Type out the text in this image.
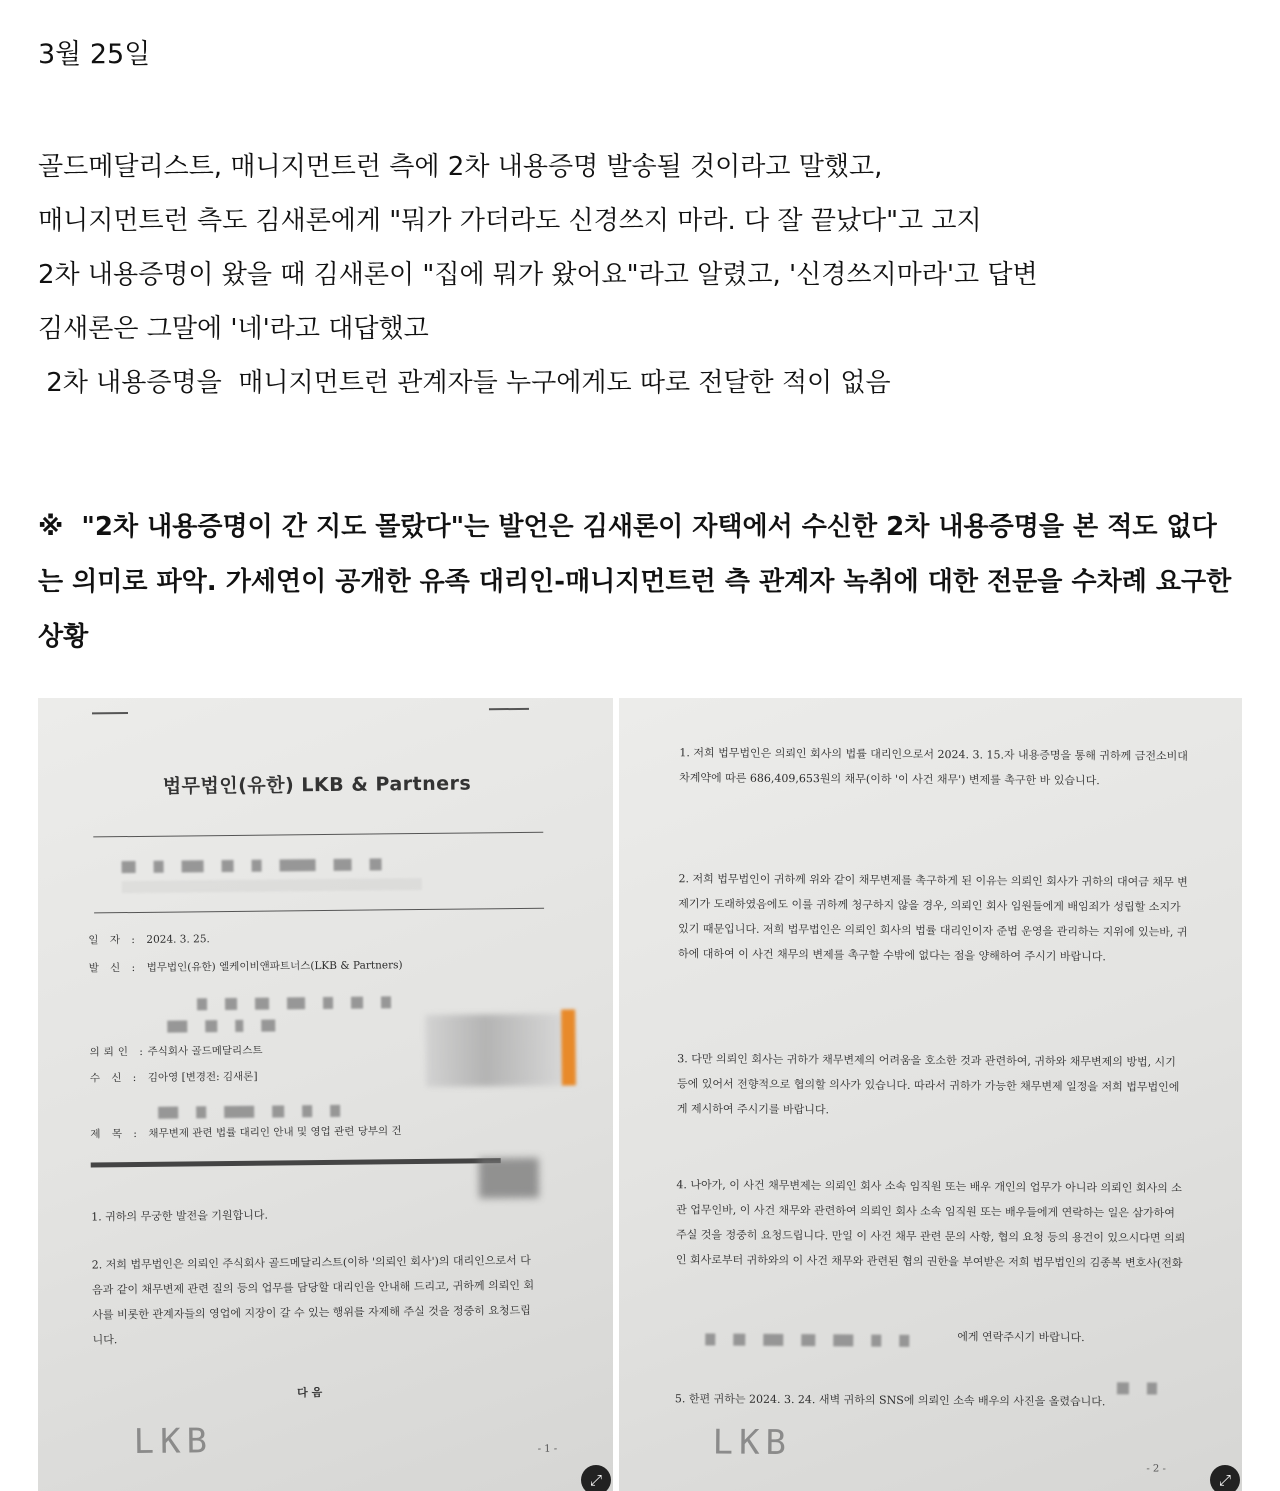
3월 25일
골드메달리스트, 매니지먼트런 측에 2차 내용증명 발송될 것이라고 말했고,
매니지먼트런 측도 김새론에게 "뭐가 가더라도 신경쓰지 마라. 다 잘 끝났다"고 고지
2차 내용증명이 왔을 때 김새론이 "집에 뭐가 왔어요"라고 알렸고, '신경쓰지마라'고 답변
김새론은 그말에 '네'라고 대답했고
2차 내용증명을  매니지먼트런 관계자들 누구에게도 따로 전달한 적이 없음
※  "2차 내용증명이 간 지도 몰랐다"는 발언은 김새론이 자택에서 수신한 2차 내용증명을 본 적도 없다는 의미로 파악. 가세연이 공개한 유족 대리인-매니지먼트런 측 관계자 녹취에 대한 전문을 수차례 요구한 상황
법무법인(유한) LKB & Partners
일 자 : 2024. 3. 25.
발 신 : 법무법인(유한) 엘케이비앤파트너스(LKB & Partners)
의뢰인 :주식회사 골드메달리스트
수 신 : 김아영 [변경전: 김새론]
제 목 : 채무변제 관련 법률 대리인 안내 및 영업 관련 당부의 건
1. 귀하의 무궁한 발전을 기원합니다.
2. 저희 법무법인은 의뢰인 주식회사 골드메달리스트(이하 '의뢰인 회사')의 대리인으로서 다음과 같이 채무변제 관련 질의 등의 업무를 담당할 대리인을 안내해 드리고, 귀하께 의뢰인 회사를 비롯한 관계자들의 영업에 지장이 갈 수 있는 행위를 자제해 주실 것을 정중히 요청드립니다.
다 음
LKB	- 1 -
⤢
1. 저희 법무법인은 의뢰인 회사의 법률 대리인으로서 2024. 3. 15.자 내용증명을 통해 귀하께 금전소비대차계약에 따른 686,409,653원의 채무(이하 '이 사건 채무') 변제를 촉구한 바 있습니다.
2. 저희 법무법인이 귀하께 위와 같이 채무변제를 촉구하게 된 이유는 의뢰인 회사가 귀하의 대여금 채무 변제기가 도래하였음에도 이를 귀하께 청구하지 않을 경우, 의뢰인 회사 임원들에게 배임죄가 성립할 소지가 있기 때문입니다. 저희 법무법인은 의뢰인 회사의 법률 대리인이자 준법 운영을 관리하는 지위에 있는바, 귀하에 대하여 이 사건 채무의 변제를 촉구할 수밖에 없다는 점을 양해하여 주시기 바랍니다.
3. 다만 의뢰인 회사는 귀하가 채무변제의 어려움을 호소한 것과 관련하여, 귀하와 채무변제의 방법, 시기 등에 있어서 전향적으로 협의할 의사가 있습니다. 따라서 귀하가 가능한 채무변제 일정을 저희 법무법인에게 제시하여 주시기를 바랍니다.
4. 나아가, 이 사건 채무변제는 의뢰인 회사 소속 임직원 또는 배우 개인의 업무가 아니라 의뢰인 회사의 소관 업무인바, 이 사건 채무와 관련하여 의뢰인 회사 소속 임직원 또는 배우들에게 연락하는 일은 삼가하여 주실 것을 정중히 요청드립니다. 만일 이 사건 채무 관련 문의 사항, 협의 요청 등의 용건이 있으시다면 의뢰인 회사로부터 귀하와의 이 사건 채무와 관련된 협의 권한을 부여받은 저희 법무법인의 김종복 변호사(전화
에게 연락주시기 바랍니다.
5. 한편 귀하는 2024. 3. 24. 새벽 귀하의 SNS에 의뢰인 소속 배우의 사진을 올렸습니다.
LKB
- 2 -
⤢
